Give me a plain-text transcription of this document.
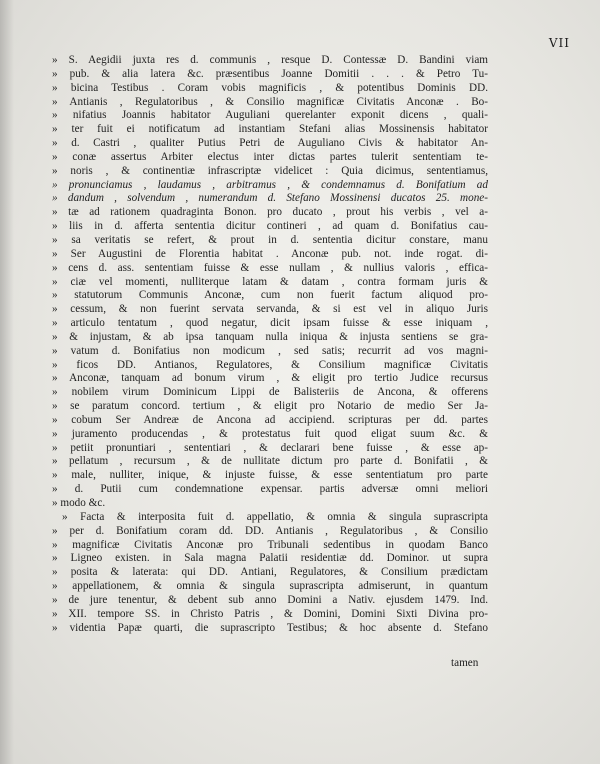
VII
» S. Aegidii juxta res d. communis , resque D. Contessæ D. Bandini viam
» pub. & alia latera &c. præsentibus Joanne Domitii . . . & Petro Tu-
» bicina Testibus . Coram vobis magnificis , & potentibus Dominis DD.
» Antianis , Regulatoribus , & Consilio magnificæ Civitatis Anconæ . Bo-
» nifatius Joannis habitator Auguliani querelanter exponit dicens , quali-
» ter fuit ei notificatum ad instantiam Stefani alias Mossinensis habitator
» d. Castri , qualiter Putius Petri de Auguliano Civis & habitator An-
» conæ assertus Arbiter electus inter dictas partes tulerit sententiam te-
» noris , & continentiæ infrascriptæ videlicet : Quia dicimus, sententiamus,
» pronunciamus , laudamus , arbitramus , & condemnamus d. Bonifatium ad
» dandum , solvendum , numerandum d. Stefano Mossinensi ducatos 25. mone-
» tæ ad rationem quadraginta Bonon. pro ducato , prout his verbis , vel a-
» liis in d. afferta sententia dicitur contineri , ad quam d. Bonifatius cau-
» sa veritatis se refert, & prout in d. sententia dicitur constare, manu
» Ser Augustini de Florentia habitat . Anconæ pub. not. inde rogat. di-
» cens d. ass. sententiam fuisse & esse nullam , & nullius valoris , effica-
» ciæ vel momenti, nulliterque latam & datam , contra formam juris &
» statutorum Communis Anconæ, cum non fuerit factum aliquod pro-
» cessum, & non fuerint servata servanda, & si est vel in aliquo Juris
» articulo tentatum , quod negatur, dicit ipsam fuisse & esse iniquam ,
» & injustam, & ab ipsa tanquam nulla iniqua & injusta sentiens se gra-
» vatum d. Bonifatius non modicum , sed satis; recurrit ad vos magni-
» ficos DD. Antianos, Regulatores, & Consilium magnificæ Civitatis
» Anconæ, tanquam ad bonum virum , & eligit pro tertio Judice recursus
» nobilem virum Dominicum Lippi de Balisteriis de Ancona, & offerens
» se paratum concord. tertium , & eligit pro Notario de medio Ser Ja-
» cobum Ser Andreæ de Ancona ad accipiend. scripturas per dd. partes
» juramento producendas , & protestatus fuit quod eligat suum &c. &
» petiit pronuntiari , sententiari , & declarari bene fuisse , & esse ap-
» pellatum , recursum , & de nullitate dictum pro parte d. Bonifatii , &
» male, nulliter, inique, & injuste fuisse, & esse sententiatum pro parte
» d. Putii cum condemnatione expensar. partis adversæ omni meliori
» modo &c.
» Facta & interposita fuit d. appellatio, & omnia & singula suprascripta
» per d. Bonifatium coram dd. DD. Antianis , Regulatoribus , & Consilio
» magnificæ Civitatis Anconæ pro Tribunali sedentibus in quodam Banco
» Ligneo existen. in Sala magna Palatii residentiæ dd. Dominor. ut supra
» posita & laterata: qui DD. Antiani, Regulatores, & Consilium prædictam
» appellationem, & omnia & singula suprascripta admiserunt, in quantum
» de jure tenentur, & debent sub anno Domini a Nativ. ejusdem 1479. Ind.
» XII. tempore SS. in Christo Patris , & Domini, Domini Sixti Divina pro-
» videntia Papæ quarti, die suprascripto Testibus; & hoc absente d. Stefano
tamen
